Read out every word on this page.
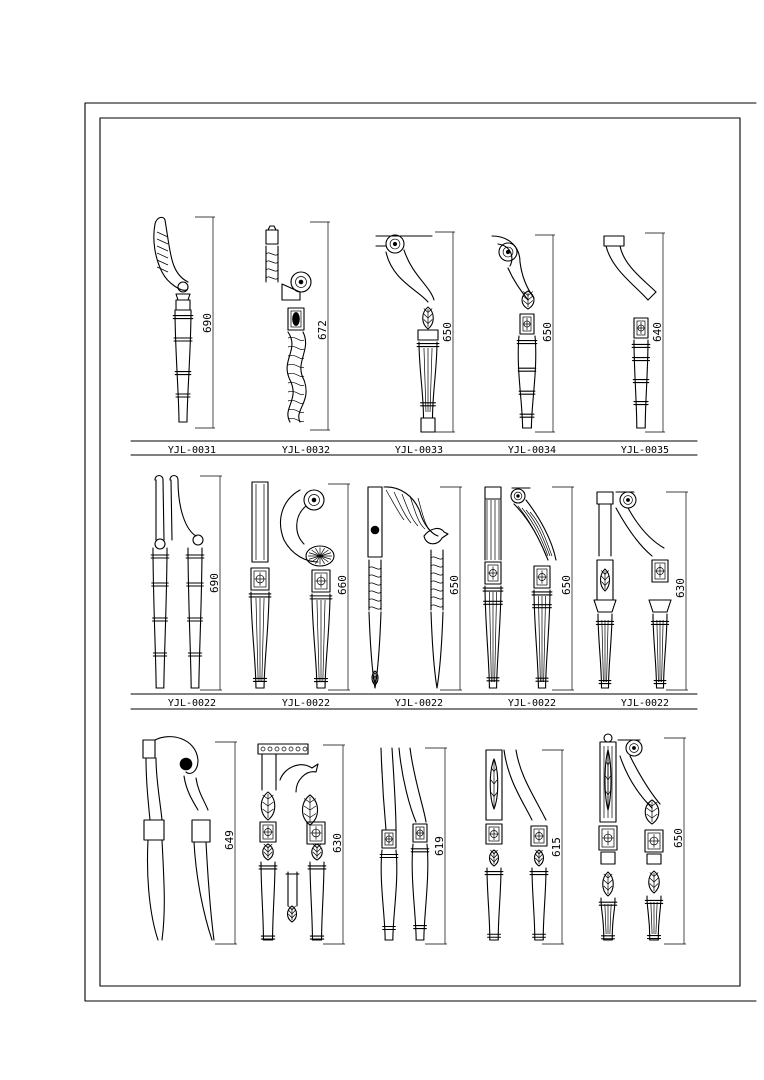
690	672	650	650	640
690	660	650	650	630
649	630	619	615	650
YJL-0031	YJL-0032	YJL-0033	YJL-0034	YJL-0035
YJL-0022	YJL-0022	YJL-0022	YJL-0022	YJL-0022
